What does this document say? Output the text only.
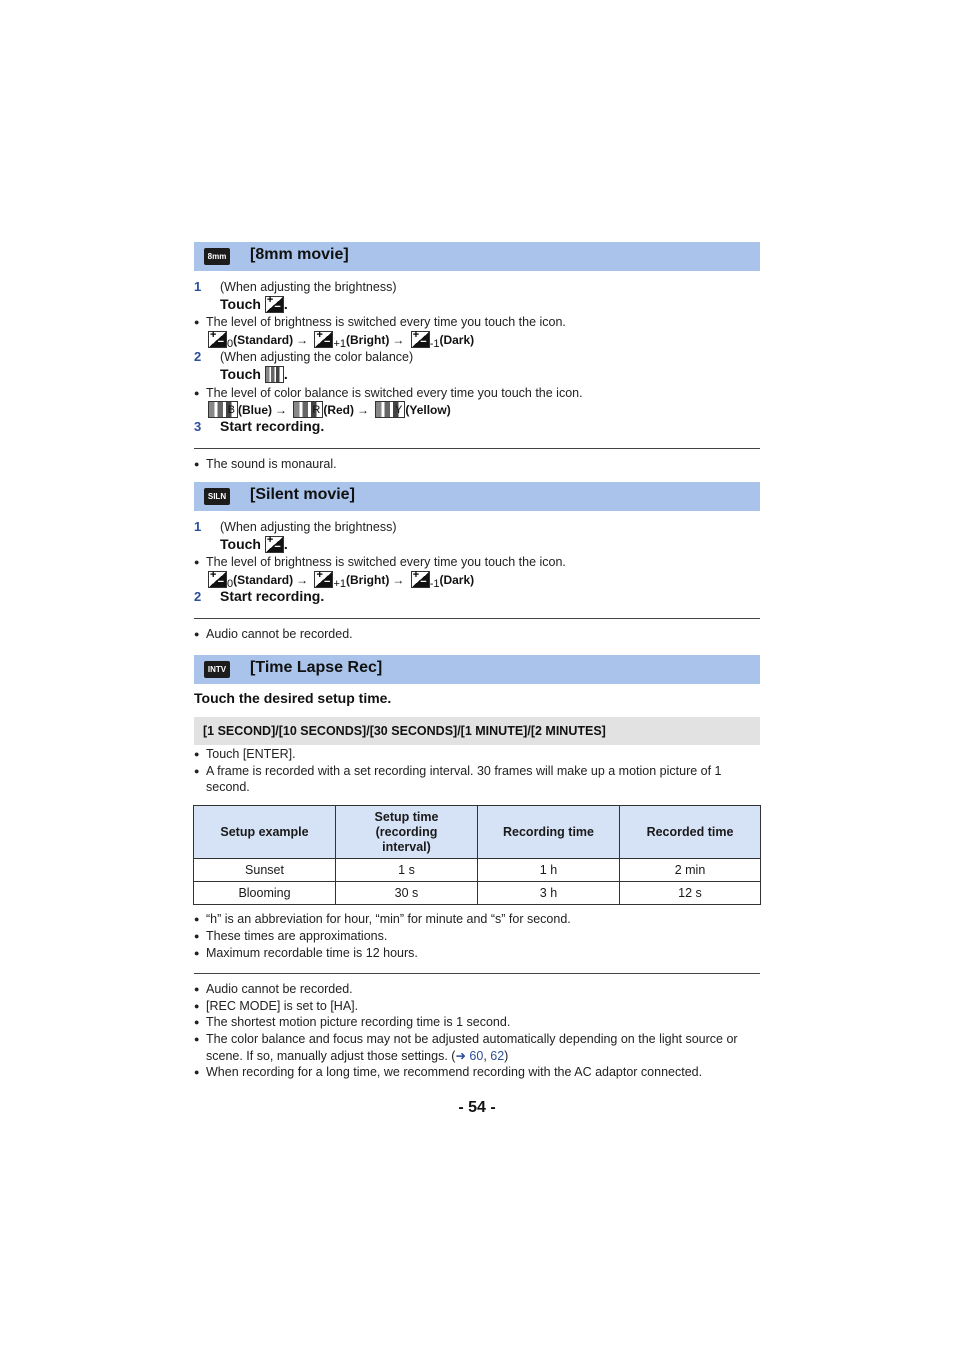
8mm [8mm movie]
1 (When adjusting the brightness)
Touch +
− .
● The level of brightness is switched every time you touch the icon.
+
− 0(Standard) → +
− +1(Bright) → +
− -1(Dark)
2 (When adjusting the color balance)
Touch .
● The level of color balance is switched every time you touch the icon.
B (Blue) → R (Red) → Y (Yellow)
3 Start recording.
● The sound is monaural.
SILN [Silent movie]
1 (When adjusting the brightness)
Touch +
− .
● The level of brightness is switched every time you touch the icon.
+
− 0(Standard) → +
− +1(Bright) → +
− -1(Dark)
2 Start recording.
● Audio cannot be recorded.
INTV [Time Lapse Rec]
Touch the desired setup time.
[1 SECOND]/[10 SECONDS]/[30 SECONDS]/[1 MINUTE]/[2 MINUTES]
● Touch [ENTER].
● A frame is recorded with a set recording interval. 30 frames will make up a motion picture of 1
second.
Setup example	Setup time
(recording
interval)	Recording time	Recorded time
Sunset	1 s	1 h	2 min
Blooming	30 s	3 h	12 s
● “h” is an abbreviation for hour, “min” for minute and “s” for second.
● These times are approximations.
● Maximum recordable time is 12 hours.
● Audio cannot be recorded.
● [REC MODE] is set to [HA].
● The shortest motion picture recording time is 1 second.
● The color balance and focus may not be adjusted automatically depending on the light source or
scene. If so, manually adjust those settings. (➜ 60, 62)
● When recording for a long time, we recommend recording with the AC adaptor connected.
- 54 -
